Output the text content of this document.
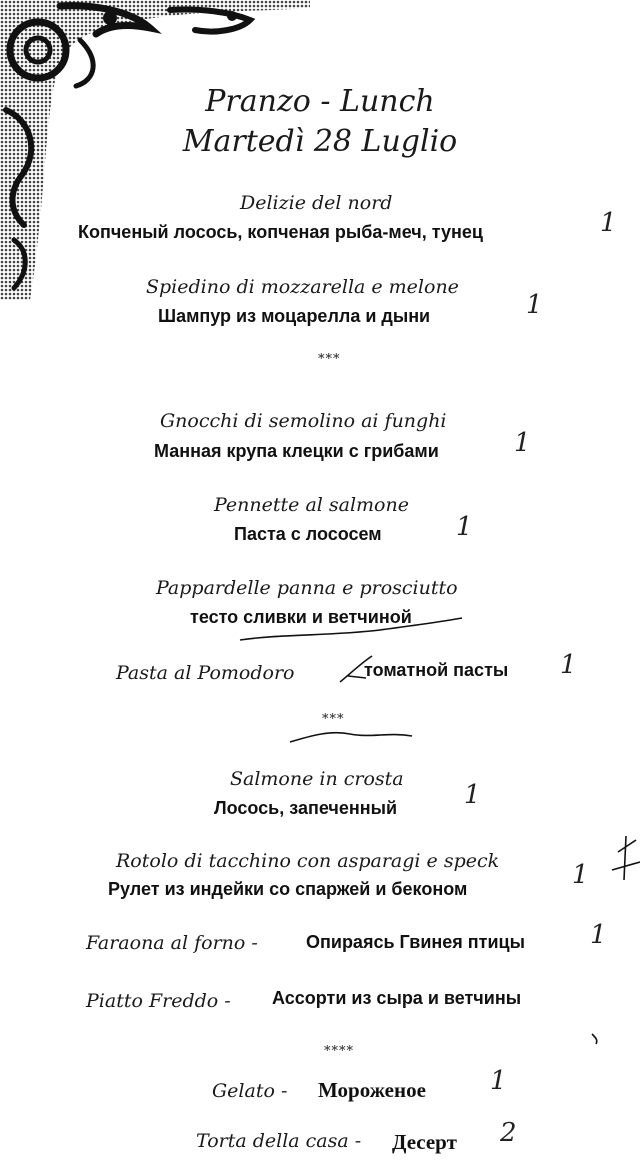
Pranzo - Lunch
Martedì 28 Luglio
Delizie del nord
Копченый лосось, копченая рыба-меч, тунец	1
Spiedino di mozzarella e melone
Шампур из моцарелла и дыни	1
***
Gnocchi di semolino ai funghi
Манная крупа клецки с грибами	1
Pennette al salmone
Паста с лососем	1
Pappardelle panna e prosciutto
тесто сливки и ветчиной
Pasta al Pomodoro	томатной пасты 1
***
Salmone in crosta
Лосось, запеченный	1
Rotolo di tacchino con asparagi e speck
Рулет из индейки со спаржей и беконом	1
Faraona al forno -	Опираясь Гвинея птицы	1
Piatto Freddo - Ассорти из сыра и ветчины
****
Gelato - Мороженое 1
Torta della casa - Десерт 2
